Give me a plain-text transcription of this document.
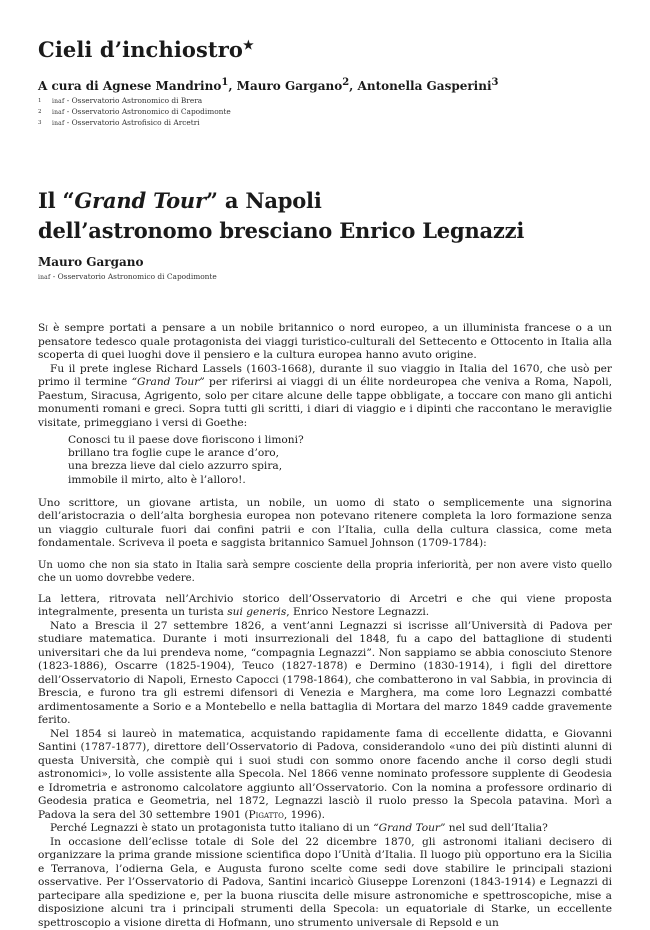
Cieli d’inchiostro★
A cura di Agnese Mandrino$^1$, Mauro Gargano$^2$, Antonella Gasperini$^3$
1 inaf - Osservatorio Astronomico di Brera
2 inaf - Osservatorio Astronomico di Capodimonte
3 inaf - Osservatorio Astrofisico di Arcetri
Il “Grand Tour” a Napoli
dell’astronomo bresciano Enrico Legnazzi
Mauro Gargano
inaf - Osservatorio Astronomico di Capodimonte

Si è sempre portati a pensare a un nobile britannico o nord europeo, a un illuminista francese o a un pensatore tedesco quale protagonista dei viaggi turistico-culturali del Settecento e Ottocento in Italia alla scoperta di quei luoghi dove il pensiero e la cultura europea hanno avuto origine.

Fu il prete inglese Richard Lassels (1603-1668), durante il suo viaggio in Italia del 1670, che usò per primo il termine “Grand Tour” per riferirsi ai viaggi di un élite nordeuropea che veniva a Roma, Napoli, Paestum, Siracusa, Agrigento, solo per citare alcune delle tappe obbligate, a toccare con mano gli antichi monumenti romani e greci. Sopra tutti gli scritti, i diari di viaggio e i dipinti che raccontano le meraviglie visitate, primeggiano i versi di Goethe:

Conosci tu il paese dove fioriscono i limoni?
brillano tra foglie cupe le arance d’oro,
una brezza lieve dal cielo azzurro spira,
immobile il mirto, alto è l’alloro!.

Uno scrittore, un giovane artista, un nobile, un uomo di stato o semplicemente una signorina dell’aristocrazia o dell’alta borghesia europea non potevano ritenere completa la loro formazione senza un viaggio culturale fuori dai confini patrii e con l’Italia, culla della cultura classica, come meta fondamentale. Scriveva il poeta e saggista britannico Samuel Johnson (1709-1784):

Un uomo che non sia stato in Italia sarà sempre cosciente della propria inferiorità, per non avere visto quello che un uomo dovrebbe vedere.

La lettera, ritrovata nell’Archivio storico dell’Osservatorio di Arcetri e che qui viene proposta integralmente, presenta un turista sui generis, Enrico Nestore Legnazzi.

Nato a Brescia il 27 settembre 1826, a vent’anni Legnazzi si iscrisse all’Università di Padova per studiare matematica. Durante i moti insurrezionali del 1848, fu a capo del battaglione di studenti universitari che da lui prendeva nome, “compagnia Legnazzi”. Non sappiamo se abbia conosciuto Stenore (1823-1886), Oscarre (1825-1904), Teuco (1827-1878) e Dermino (1830-1914), i figli del direttore dell’Osservatorio di Napoli, Ernesto Capocci (1798-1864), che combatterono in val Sabbia, in provincia di Brescia, e furono tra gli estremi difensori di Venezia e Marghera, ma come loro Legnazzi combatté ardimentosamente a Sorio e a Montebello e nella battaglia di Mortara del marzo 1849 cadde gravemente ferito.

Nel 1854 si laureò in matematica, acquistando rapidamente fama di eccellente didatta, e Giovanni Santini (1787-1877), direttore dell’Osservatorio di Padova, considerandolo «uno dei più distinti alunni di questa Università, che compiè qui i suoi studi con sommo onore facendo anche il corso degli studi astronomici», lo volle assistente alla Specola. Nel 1866 venne nominato professore supplente di Geodesia e Idrometria e astronomo calcolatore aggiunto all’Osservatorio. Con la nomina a professore ordinario di Geodesia pratica e Geometria, nel 1872, Legnazzi lasciò il ruolo presso la Specola patavina. Morì a Padova la sera del 30 settembre 1901 (Pigatto, 1996).

Perché Legnazzi è stato un protagonista tutto italiano di un “Grand Tour” nel sud dell’Italia?

In occasione dell’eclisse totale di Sole del 22 dicembre 1870, gli astronomi italiani decisero di organizzare la prima grande missione scientifica dopo l’Unità d’Italia. Il luogo più opportuno era la Sicilia e Terranova, l’odierna Gela, e Augusta furono scelte come sedi dove stabilire le principali stazioni osservative. Per l’Osservatorio di Padova, Santini incaricò Giuseppe Lorenzoni (1843-1914) e Legnazzi di partecipare alla spedizione e, per la buona riuscita delle misure astronomiche e spettroscopiche, mise a disposizione alcuni tra i principali strumenti della Specola: un equatoriale di Starke, un eccellente spettroscopio a visione diretta di Hofmann, uno strumento universale di Repsold e un
